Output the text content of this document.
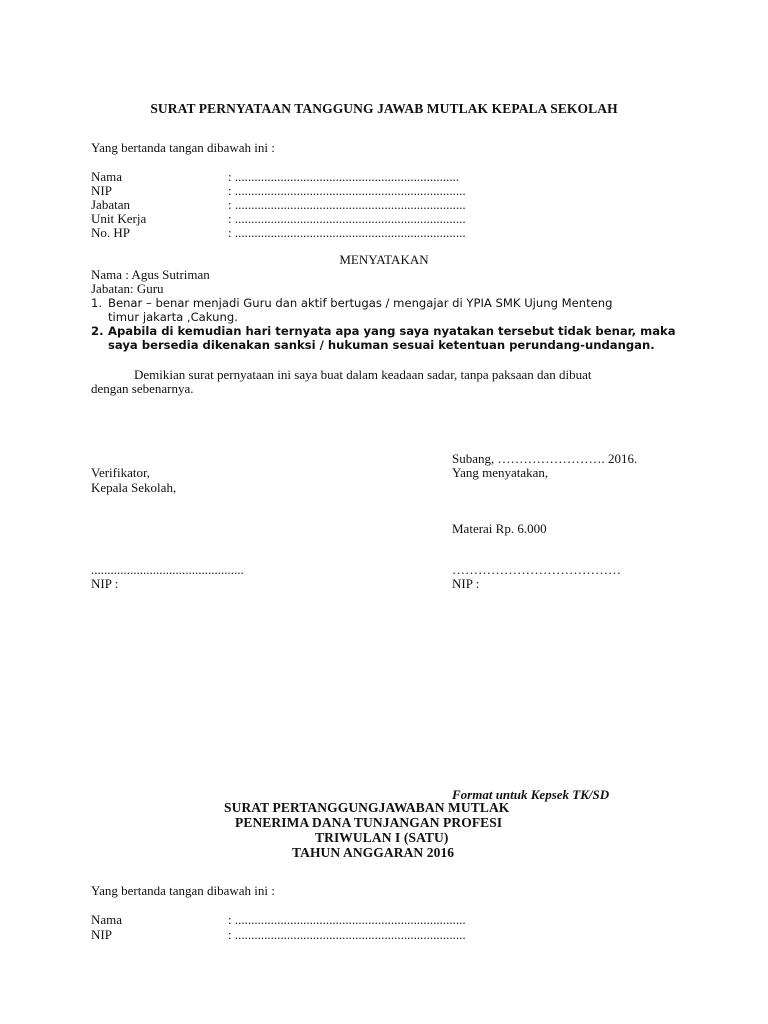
SURAT PERNYATAAN TANGGUNG JAWAB MUTLAK KEPALA SEKOLAH
Yang bertanda tangan dibawah ini :
Nama	: .....................................................................
NIP	: .......................................................................
Jabatan	: .......................................................................
Unit Kerja	: .......................................................................
No. HP	: .......................................................................
MENYATAKAN
Nama : Agus Sutriman
Jabatan: Guru
1. Benar – benar menjadi Guru dan aktif bertugas / mengajar di YPIA SMK Ujung Menteng
timur jakarta ,Cakung.
2. Apabila di kemudian hari ternyata apa yang saya nyatakan tersebut tidak benar, maka
saya bersedia dikenakan sanksi / hukuman sesuai ketentuan perundang-undangan.
Demikian surat pernyataan ini saya buat dalam keadaan sadar, tanpa paksaan dan dibuat
dengan sebenarnya.
Subang, ……………………. 2016.
Verifikator,	Yang menyatakan,
Kepala Sekolah,
Materai Rp. 6.000
...............................................	…………………………………
NIP :	NIP :
Format untuk Kepsek TK/SD
SURAT PERTANGGUNGJAWABAN MUTLAK
PENERIMA DANA TUNJANGAN PROFESI
TRIWULAN I (SATU)
TAHUN ANGGARAN 2016
Yang bertanda tangan dibawah ini :
Nama	: .......................................................................
NIP	: .......................................................................
